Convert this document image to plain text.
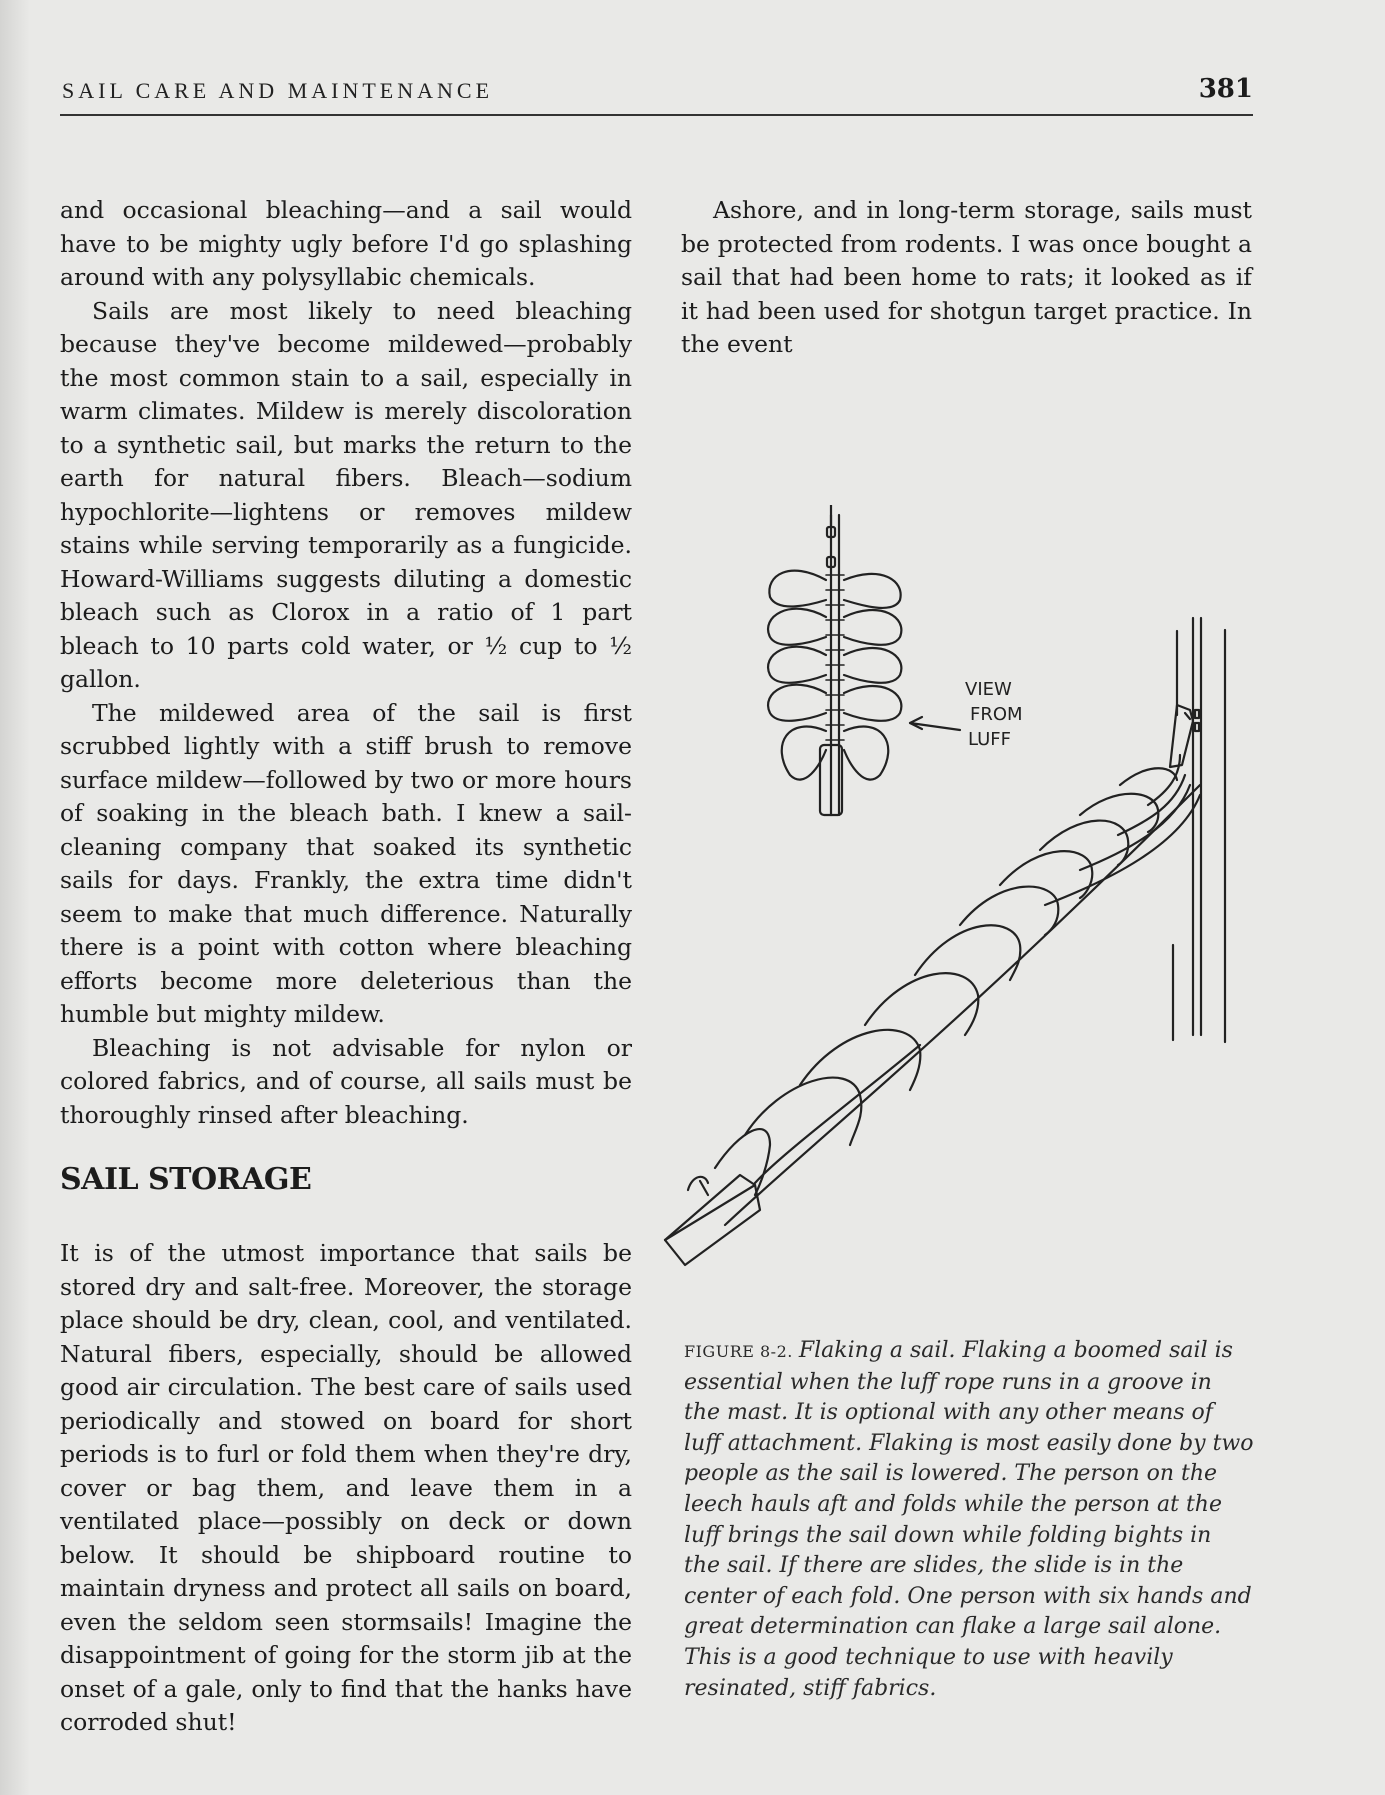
SAIL CARE AND MAINTENANCE	381

and occasional bleaching—and a sail would have to be mighty ugly before I'd go splashing around with any polysyllabic chemicals.

Sails are most likely to need bleaching because they've become mildewed—probably the most common stain to a sail, especially in warm climates. Mildew is merely discoloration to a synthetic sail, but marks the return to the earth for natural fibers. Bleach—sodium hypochlorite—lightens or removes mildew stains while serving temporarily as a fungicide. Howard-Williams suggests diluting a domestic bleach such as Clorox in a ratio of 1 part bleach to 10 parts cold water, or ½ cup to ½ gallon.

The mildewed area of the sail is first scrubbed lightly with a stiff brush to remove surface mildew—followed by two or more hours of soaking in the bleach bath. I knew a sail-cleaning company that soaked its synthetic sails for days. Frankly, the extra time didn't seem to make that much difference. Naturally there is a point with cotton where bleaching efforts become more deleterious than the humble but mighty mildew.

Bleaching is not advisable for nylon or colored fabrics, and of course, all sails must be thoroughly rinsed after bleaching.

SAIL STORAGE

It is of the utmost importance that sails be stored dry and salt-free. Moreover, the storage place should be dry, clean, cool, and ventilated. Natural fibers, especially, should be allowed good air circulation. The best care of sails used periodically and stowed on board for short periods is to furl or fold them when they're dry, cover or bag them, and leave them in a ventilated place—possibly on deck or down below. It should be shipboard routine to maintain dryness and protect all sails on board, even the seldom seen stormsails! Imagine the disappointment of going for the storm jib at the onset of a gale, only to find that the hanks have corroded shut!

Ashore, and in long-term storage, sails must be protected from rodents. I was once bought a sail that had been home to rats; it looked as if it had been used for shotgun target practice. In the event

VIEW
FROM
LUFF
FIGURE 8-2. Flaking a sail. Flaking a boomed sail is essential when the luff rope runs in a groove in the mast. It is optional with any other means of luff attachment. Flaking is most easily done by two people as the sail is lowered. The person on the leech hauls aft and folds while the person at the luff brings the sail down while folding bights in the sail. If there are slides, the slide is in the center of each fold. One person with six hands and great determination can flake a large sail alone. This is a good technique to use with heavily resinated, stiff fabrics.
